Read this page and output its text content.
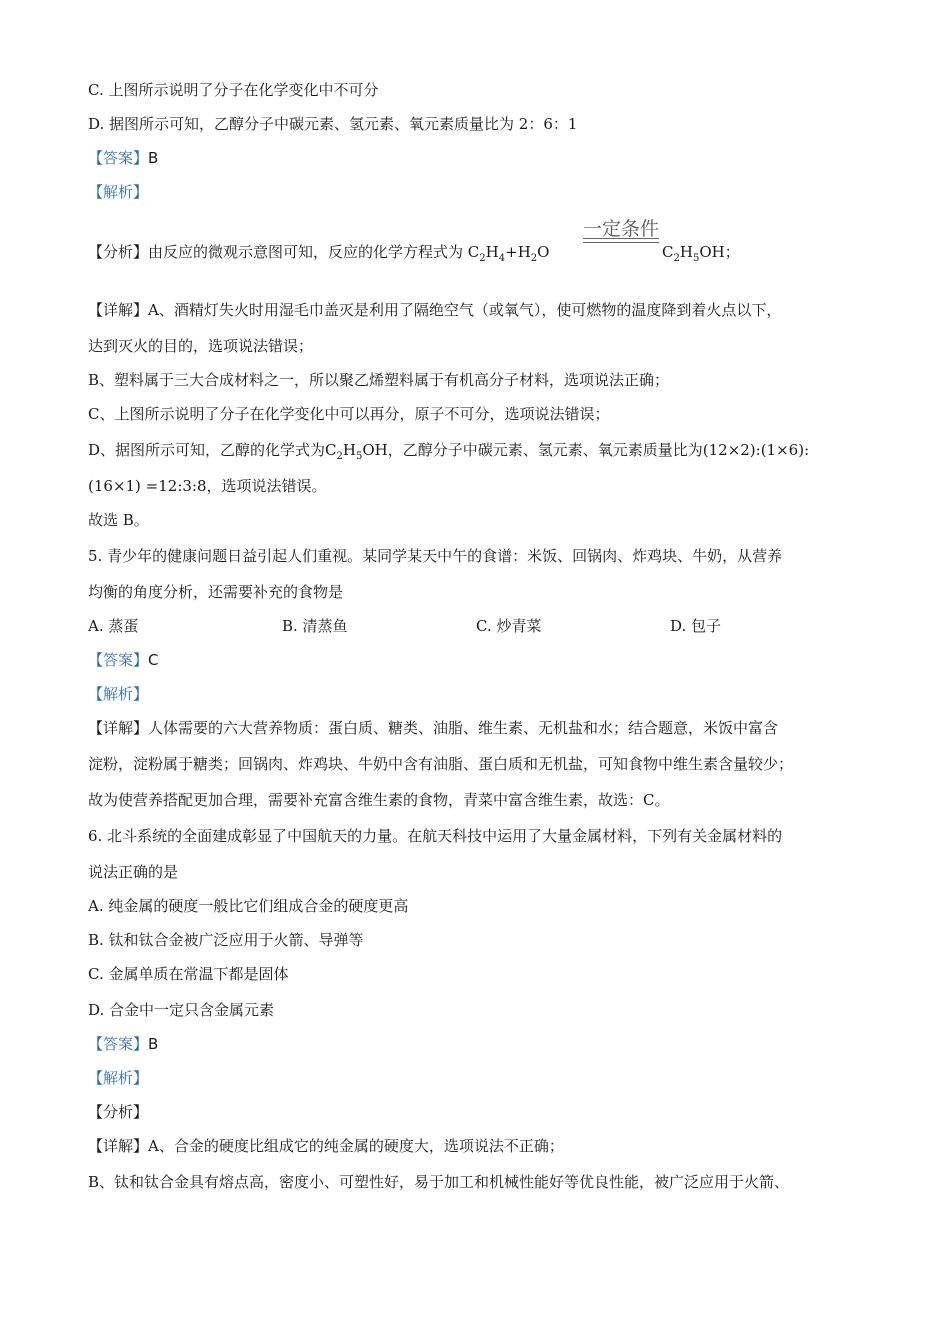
C. 上图所示说明了分子在化学变化中不可分
D. 据图所示可知，乙醇分子中碳元素、氢元素、氧元素质量比为 2：6：1
【答案】B
【解析】
一定条件
【分析】由反应的微观示意图可知，反应的化学方程式为 $C_2H_4+H_2O$	$C_2H_5OH$；
【详解】A、酒精灯失火时用湿毛巾盖灭是利用了隔绝空气（或氧气），使可燃物的温度降到着火点以下，
达到灭火的目的，选项说法错误；
B、塑料属于三大合成材料之一，所以聚乙烯塑料属于有机高分子材料，选项说法正确；
C、上图所示说明了分子在化学变化中可以再分，原子不可分，选项说法错误；
D、据图所示可知，乙醇的化学式为$C_2H_5OH$，乙醇分子中碳元素、氢元素、氧元素质量比为(12×2):(1×6):
(16×1) =12:3:8，选项说法错误。
故选 B。
5. 青少年的健康问题日益引起人们重视。某同学某天中午的食谱：米饭、回锅肉、炸鸡块、牛奶，从营养
均衡的角度分析，还需要补充的食物是
A. 蒸蛋	B. 清蒸鱼	C. 炒青菜	D. 包子
【答案】C
【解析】
【详解】人体需要的六大营养物质：蛋白质、糖类、油脂、维生素、无机盐和水；结合题意，米饭中富含
淀粉，淀粉属于糖类；回锅肉、炸鸡块、牛奶中含有油脂、蛋白质和无机盐，可知食物中维生素含量较少；
故为使营养搭配更加合理，需要补充富含维生素的食物，青菜中富含维生素，故选：C。
6. 北斗系统的全面建成彰显了中国航天的力量。在航天科技中运用了大量金属材料，下列有关金属材料的
说法正确的是
A. 纯金属的硬度一般比它们组成合金的硬度更高
B. 钛和钛合金被广泛应用于火箭、导弹等
C. 金属单质在常温下都是固体
D. 合金中一定只含金属元素
【答案】B
【解析】
【分析】
【详解】A、合金的硬度比组成它的纯金属的硬度大，选项说法不正确；
B、钛和钛合金具有熔点高，密度小、可塑性好，易于加工和机械性能好等优良性能，被广泛应用于火箭、
